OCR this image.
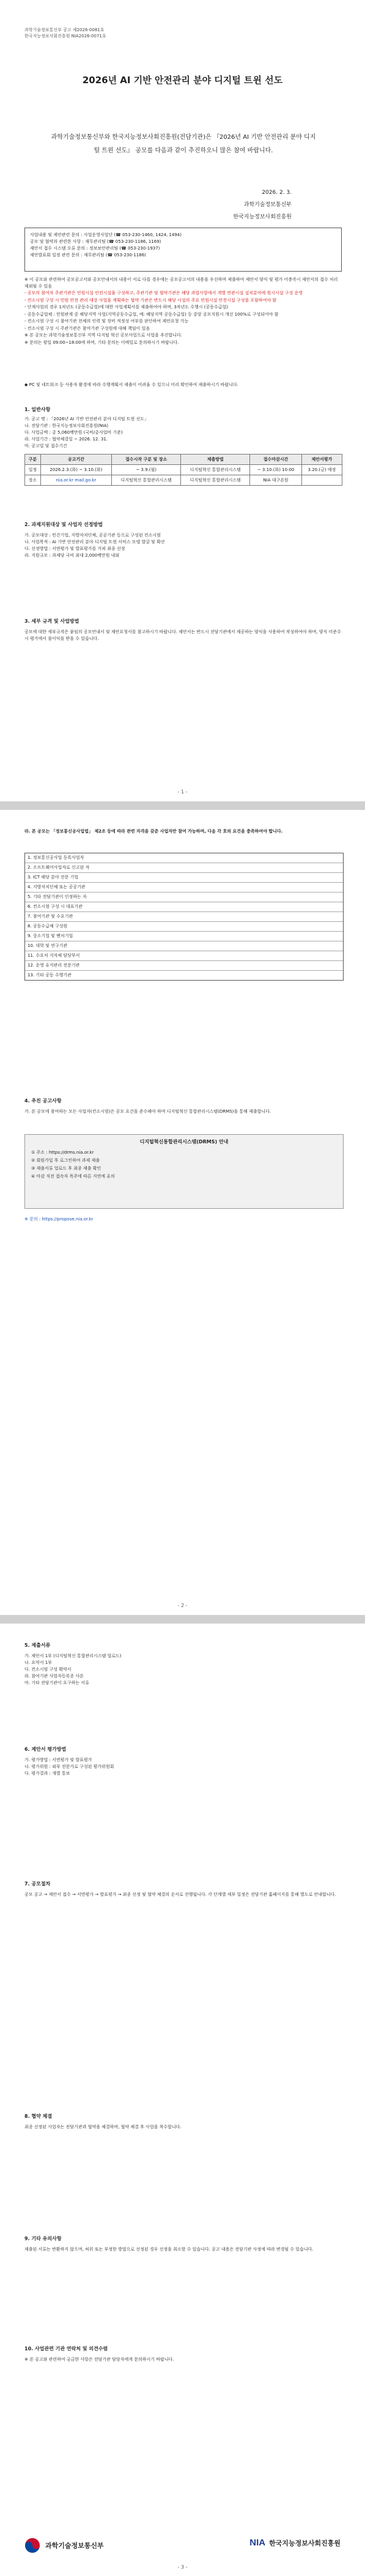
과학기술정보통신부 공고 제2026-0081호
한국지능정보사회진흥원 NIA2026-0071호
2026년 AI 기반 안전관리 분야 디지털 트윈 선도
과학기술정보통신부와 한국지능정보사회진흥원(전담기관)은 『2026년 AI 기반 안전관리 분야 디지털 트윈 선도』 공모를 다음과 같이 추진하오니 많은 참여 바랍니다.
2026. 2. 3.
과학기술정보통신부
한국지능정보사회진흥원
사업내용 및 제안관련 문의 : 사업운영사업단 (☎ 053-230-1460, 1424, 1494)
공모 및 협약과 관련한 사항 : 재무관리팀 (☎ 053-230-1186, 1169)
제안서 접수 시스템 오류 문의 : 정보보안관리팀 (☎ 053-230-1937)
제안발표회 일정 관련 문의 : 재무관리팀 (☎ 053-230-1186)
※ 이 공모와 관련하여 공모공고서와 공모안내서의 내용이 서로 다를 경우에는 공모공고서의 내용을 우선하며 제출하여 제안서 양식 및 평가 미충족시 제안서의 접수 처리 제외될 수 있음
- 공모의 참여자 주관기관은 민원시설 안전시설물 구성하고, 주관기관 및 협약기관은 해당 과업사항에서 개별 연관시설 설치분야에 원시시설 구성 운영
- 컨소시엄 구성 시 민원 안전 관리 대상 사업을 계획하는 협약 기관은 반드시 해당 시설의 주요 민원시설 안전시설 구성을 포함하여야 함
- 단계사업의 경우 1차년도 (공동수급업)에 대한 사업계획서를 제출하여야 하며, 3차년도 수행시 (공동수급업)
- 공동수급업체 : 민원관계 중 해당지역 사업(지역공동수급업, 예: 해당지역 공동수급업) 등 중앙 공모지원시 개선 100%로 구성되어야 함
- 컨소시엄 구성 시 참여기관 전체의 인력 및 장비 적정성 여부를 판단하여 제안요청 가능
- 컨소시엄 구성 시 주관기관은 참여기관 구성원에 대해 책임이 있음
※ 본 공모는 과학기술정보통신부 지역 디지털 혁신 공모사업으로 사업을 추진합니다.
※ 문의는 평일 09:00~18:00에 하며, 기타 문의는 이메일로 문의하시기 바랍니다.
◆ PC 및 네트워크 등 사용자 환경에 따라 수행계획서 제출이 어려울 수 있으니 미리 확인하여 제출하시기 바랍니다.
1. 일반사항
가. 공고 명 : 「2026년 AI 기반 안전관리 분야 디지털 트윈 선도」
나. 전담기관 : 한국지능정보사회진흥원(NIA)
다. 사업금액 : 총 5,060백만원 (국비/총사업비 기준)
라. 사업기간 : 협약체결일 ~ 2026. 12. 31.
마. 공고일 및 접수기간
구분	공고기간	접수시작 구분 및 장소	제출방법	접수마감시간	제안서평가
일정	2026.2.3.(화) ~ 3.10.(화)	~ 3.9.(월)	디지털혁신 통합관리시스템	~ 3.10.(화) 10:00	3.20.(금) 예정
장소	nia.or.kr mail.go.kr	디지털혁신 통합관리시스템	디지털혁신 통합관리시스템	NIA 대구본원	
2. 과제지원대상 및 사업자 선정방법
가. 공모대상 : 민간기업, 지방자치단체, 공공기관 등으로 구성된 컨소시엄
나. 사업목적 : AI 기반 안전관리 분야 디지털 트윈 서비스 모델 발굴 및 확산
다. 선정방법 : 서면평가 및 발표평가를 거쳐 최종 선정
라. 지원규모 : 과제당 국비 최대 2,000백만원 내외
3. 세부 규격 및 사업방법
공모에 대한 세부규격은 붙임의 공모안내서 및 제안요청서를 참고하시기 바랍니다. 제안서는 반드시 전담기관에서 제공하는 양식을 사용하여 작성하여야 하며, 양식 미준수 시 평가에서 불이익을 받을 수 있습니다.
- 1 -
라. 본 공모는 「정보통신공사업법」 제2조 등에 따라 관련 자격을 갖춘 사업자만 참여 가능하며, 다음 각 호의 요건을 충족하여야 합니다.
1. 정보통신공사업 등록사업자
2. 소프트웨어사업자로 신고된 자
3. ICT 해당 분야 전문 기업
4. 지방자치단체 또는 공공기관
5. 기타 전담기관이 인정하는 자
6. 컨소시엄 구성 시 대표기관
7. 참여기관 및 수요기관
8. 공동수급체 구성원
9. 중소기업 및 벤처기업
10. 대학 및 연구기관
11. 수요처 지자체 담당부서
12. 운영 유지관리 전문기관
13. 기타 공동 수행기관
4. 추진 공고사항
가. 본 공모에 참여하는 모든 사업자(컨소시엄)은 공모 요건을 준수해야 하며 디지털혁신 통합관리시스템(DRMS)을 통해 제출합니다.
디지털혁신통합관리시스템(DRMS) 안내
① 주소 : https://drms.nia.or.kr
② 회원가입 후 로그인하여 과제 제출
③ 제출서류 업로드 후 최종 제출 확인
④ 마감 직전 접속자 폭주에 따른 지연에 유의
※ 문의 : https://propose.nia.or.kr
- 2 -
5. 제출서류
가. 제안서 1부 (디지털혁신 통합관리시스템 업로드)
나. 요약서 1부
다. 컨소시엄 구성 확약서
라. 참여기관 사업자등록증 사본
마. 기타 전담기관이 요구하는 서류
6. 제안서 평가방법
가. 평가방법 : 서면평가 및 발표평가
나. 평가위원 : 외부 전문가로 구성된 평가위원회
다. 평가결과 : 개별 통보
7. 공모절차
공모 공고 → 제안서 접수 → 서면평가 → 발표평가 → 최종 선정 및 협약 체결의 순서로 진행됩니다. 각 단계별 세부 일정은 전담기관 홈페이지를 통해 별도로 안내합니다.
8. 협약 체결
최종 선정된 사업자는 전담기관과 협약을 체결하며, 협약 체결 후 사업을 착수합니다.
9. 기타 유의사항
제출된 서류는 반환하지 않으며, 허위 또는 부정한 방법으로 선정된 경우 선정을 취소할 수 있습니다. 공고 내용은 전담기관 사정에 따라 변경될 수 있습니다.
10. 사업관련 기관 연락처 및 의견수렴
※ 본 공고와 관련하여 궁금한 사항은 전담기관 담당자에게 문의하시기 바랍니다.
과학기술정보통신부	NIA 한국지능정보사회진흥원
- 3 -
